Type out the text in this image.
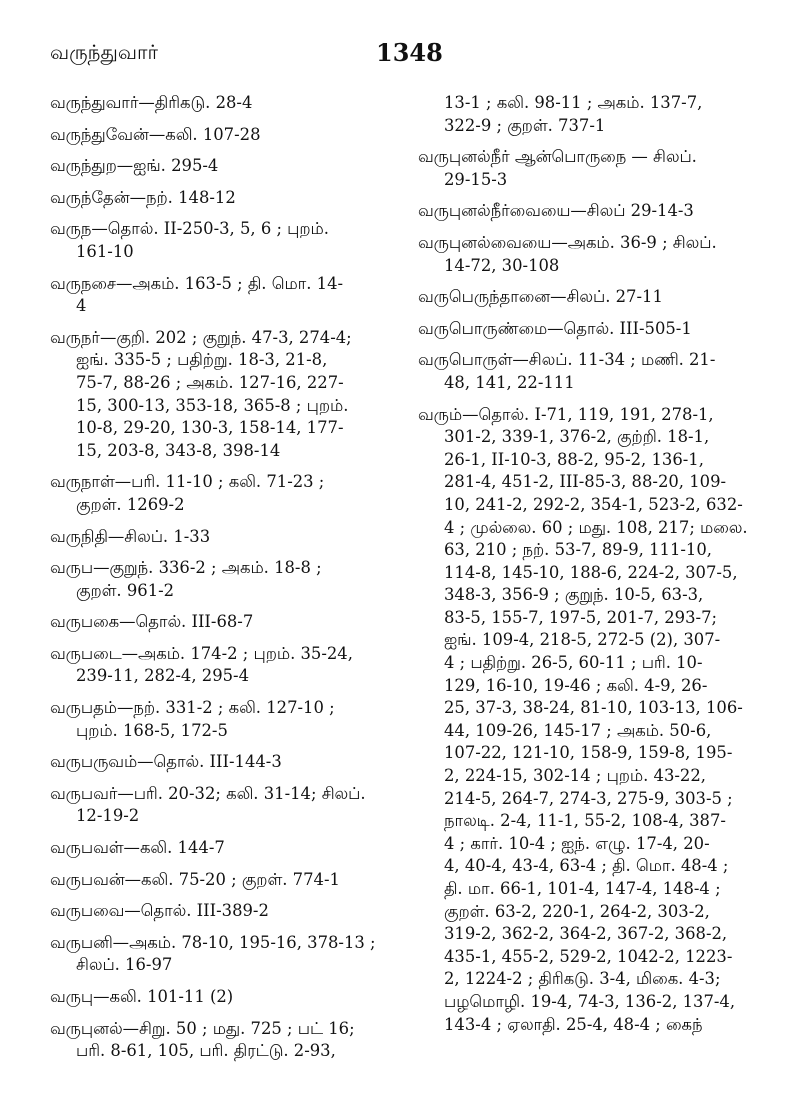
வருந்துவார்	1348

வருந்துவார்—திரிகடு. 28-4

வருந்துவேன்—கலி. 107-28

வருந்துற—ஐங். 295-4

வருந்தேன்—நற். 148-12

வருந—தொல். II-250-3, 5, 6 ; புறம்.
161-10

வருநசை—அகம். 163-5 ; தி. மொ. 14-
4

வருநர்—குறி. 202 ; குறுந். 47-3, 274-4;
ஐங். 335-5 ; பதிற்று. 18-3, 21-8,
75-7, 88-26 ; அகம். 127-16, 227-
15, 300-13, 353-18, 365-8 ; புறம்.
10-8, 29-20, 130-3, 158-14, 177-
15, 203-8, 343-8, 398-14

வருநாள்—பரி. 11-10 ; கலி. 71-23 ;
குறள். 1269-2

வருநிதி—சிலப். 1-33

வருப—குறுந். 336-2 ; அகம். 18-8 ;
குறள். 961-2

வருபகை—தொல். III-68-7

வருபடை—அகம். 174-2 ; புறம். 35-24,
239-11, 282-4, 295-4

வருபதம்—நற். 331-2 ; கலி. 127-10 ;
புறம். 168-5, 172-5

வருபருவம்—தொல். III-144-3

வருபவர்—பரி. 20-32; கலி. 31-14; சிலப்.
12-19-2

வருபவள்—கலி. 144-7

வருபவன்—கலி. 75-20 ; குறள். 774-1

வருபவை—தொல். III-389-2

வருபனி—அகம். 78-10, 195-16, 378-13 ;
சிலப். 16-97

வருபு—கலி. 101-11 (2)

வருபுனல்—சிறு. 50 ; மது. 725 ; பட் 16;
பரி. 8-61, 105, பரி. திரட்டு. 2-93,

13-1 ; கலி. 98-11 ; அகம். 137-7,
322-9 ; குறள். 737-1

வருபுனல்நீர் ஆன்பொருநை — சிலப்.
29-15-3

வருபுனல்நீர்வையை—சிலப் 29-14-3

வருபுனல்வையை—அகம். 36-9 ; சிலப்.
14-72, 30-108

வருபெருந்தானை—சிலப். 27-11

வருபொருண்மை—தொல். III-505-1

வருபொருள்—சிலப். 11-34 ; மணி. 21-
48, 141, 22-111

வரும்—தொல். I-71, 119, 191, 278-1,
301-2, 339-1, 376-2, குற்றி. 18-1,
26-1, II-10-3, 88-2, 95-2, 136-1,
281-4, 451-2, III-85-3, 88-20, 109-
10, 241-2, 292-2, 354-1, 523-2, 632-
4 ; முல்லை. 60 ; மது. 108, 217; மலை.
63, 210 ; நற். 53-7, 89-9, 111-10,
114-8, 145-10, 188-6, 224-2, 307-5,
348-3, 356-9 ; குறுந். 10-5, 63-3,
83-5, 155-7, 197-5, 201-7, 293-7;
ஐங். 109-4, 218-5, 272-5 (2), 307-
4 ; பதிற்று. 26-5, 60-11 ; பரி. 10-
129, 16-10, 19-46 ; கலி. 4-9, 26-
25, 37-3, 38-24, 81-10, 103-13, 106-
44, 109-26, 145-17 ; அகம். 50-6,
107-22, 121-10, 158-9, 159-8, 195-
2, 224-15, 302-14 ; புறம். 43-22,
214-5, 264-7, 274-3, 275-9, 303-5 ;
நாலடி. 2-4, 11-1, 55-2, 108-4, 387-
4 ; கார். 10-4 ; ஐந். எழு. 17-4, 20-
4, 40-4, 43-4, 63-4 ; தி. மொ. 48-4 ;
தி. மா. 66-1, 101-4, 147-4, 148-4 ;
குறள். 63-2, 220-1, 264-2, 303-2,
319-2, 362-2, 364-2, 367-2, 368-2,
435-1, 455-2, 529-2, 1042-2, 1223-
2, 1224-2 ; திரிகடு. 3-4, மிகை. 4-3;
பழமொழி. 19-4, 74-3, 136-2, 137-4,
143-4 ; ஏலாதி. 25-4, 48-4 ; கைந்
